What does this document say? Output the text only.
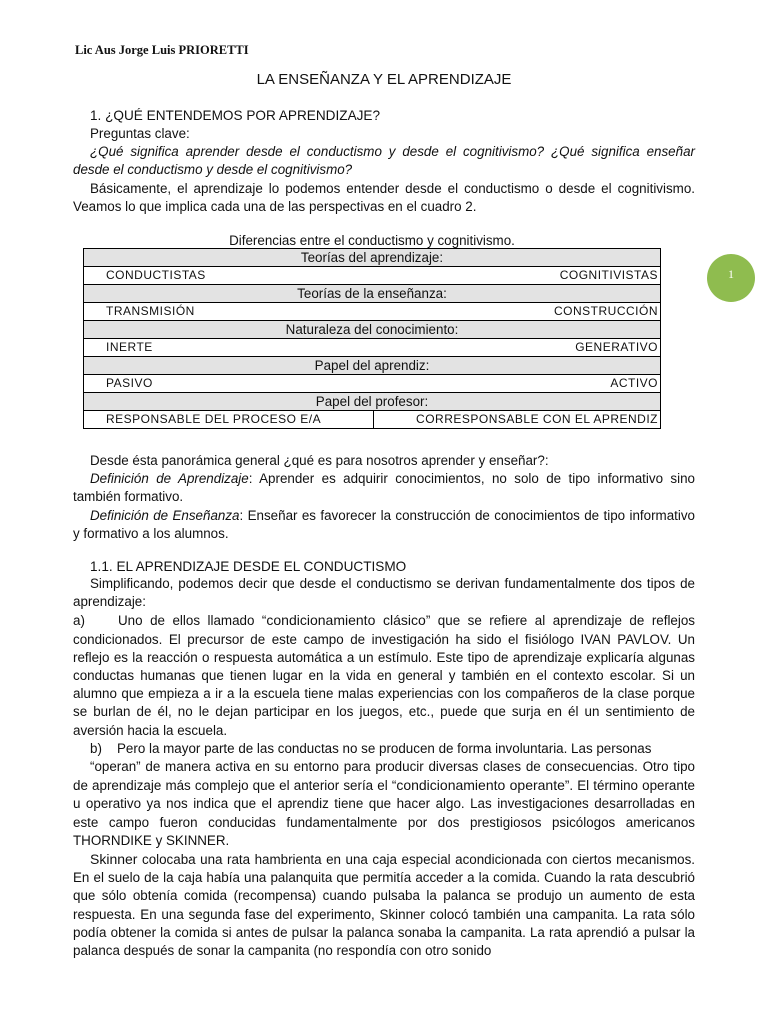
Lic Aus Jorge Luis PRIORETTI
LA ENSEÑANZA Y EL APRENDIZAJE
1

1. ¿QUÉ ENTENDEMOS POR APRENDIZAJE?

Preguntas clave:

¿Qué significa aprender desde el conductismo y desde el cognitivismo? ¿Qué significa enseñar desde el conductismo y desde el cognitivismo?

Básicamente, el aprendizaje lo podemos entender desde el conductismo o desde el cognitivismo. Veamos lo que implica cada una de las perspectivas en el cuadro 2.

Diferencias entre el conductismo y cognitivismo.
Teorías del aprendizaje:

CONDUCTISTAS	COGNITIVISTAS

Teorías de la enseñanza:

TRANSMISIÓN	CONSTRUCCIÓN

Naturaleza del conocimiento:

INERTE	GENERATIVO

Papel del aprendiz:

PASIVO	ACTIVO

Papel del profesor:
RESPONSABLE DEL PROCESO E/A	CORRESPONSABLE CON EL APRENDIZ

Desde ésta panorámica general ¿qué es para nosotros aprender y enseñar?:

Definición de Aprendizaje: Aprender es adquirir conocimientos, no solo de tipo informativo sino también formativo.

Definición de Enseñanza: Enseñar es favorecer la construcción de conocimientos de tipo informativo y formativo a los alumnos.

1.1. EL APRENDIZAJE DESDE EL CONDUCTISMO

Simplificando, podemos decir que desde el conductismo se derivan fundamentalmente dos tipos de aprendizaje:

a) Uno de ellos llamado “condicionamiento clásico” que se refiere al aprendizaje de reflejos condicionados. El precursor de este campo de investigación ha sido el fisiólogo IVAN PAVLOV. Un reflejo es la reacción o respuesta automática a un estímulo. Este tipo de aprendizaje explicaría algunas conductas humanas que tienen lugar en la vida en general y también en el contexto escolar. Si un alumno que empieza a ir a la escuela tiene malas experiencias con los compañeros de la clase porque se burlan de él, no le dejan participar en los juegos, etc., puede que surja en él un sentimiento de aversión hacia la escuela.

b) Pero la mayor parte de las conductas no se producen de forma involuntaria. Las personas

“operan” de manera activa en su entorno para producir diversas clases de consecuencias. Otro tipo de aprendizaje más complejo que el anterior sería el “condicionamiento operante”. El término operante u operativo ya nos indica que el aprendiz tiene que hacer algo. Las investigaciones desarrolladas en este campo fueron conducidas fundamentalmente por dos prestigiosos psicólogos americanos THORNDIKE y SKINNER.

Skinner colocaba una rata hambrienta en una caja especial acondicionada con ciertos mecanismos. En el suelo de la caja había una palanquita que permitía acceder a la comida. Cuando la rata descubrió que sólo obtenía comida (recompensa) cuando pulsaba la palanca se produjo un aumento de esta respuesta. En una segunda fase del experimento, Skinner colocó también una campanita. La rata sólo podía obtener la comida si antes de pulsar la palanca sonaba la campanita. La rata aprendió a pulsar la palanca después de sonar la campanita (no respondía con otro sonido
